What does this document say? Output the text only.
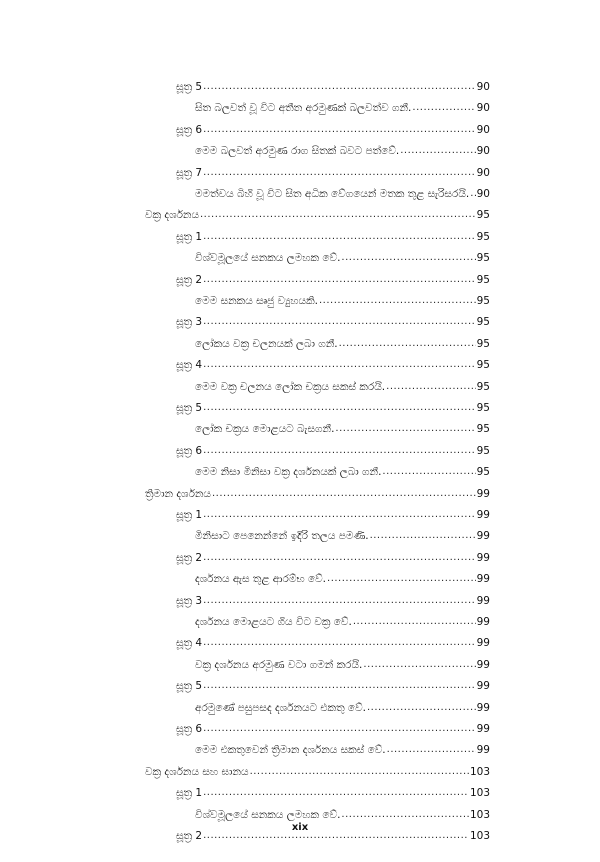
සූත්‍ර 5 .....	90
සිත බලවත් වූ විට අතීත අරමුණක් බලවත්ව ගනී. .....	90
සූත්‍ර 6 .....	90
මෙම බලවත් අරමුණ රාග සිතක් බවට පත්වේ. .....	90
සූත්‍ර 7 .....	90
මමත්වය බිහි වූ විට සිත අධික වේගයෙන් මතක තුළ සැරිසරයි. ..... 90
වක්‍ර දර්ශනය .....	95
සූත්‍ර 1 .....	95
විශ්වමූලයේ සනකය ලමහක වේ. .....	95
සූත්‍ර 2 .....	95
මෙම සනකය සෘජු ව්‍යුහයකි. .....	95
සූත්‍ර 3 .....	95
ලෝකය වක්‍ර චලනයක් ලබා ගනී. .....	95
සූත්‍ර 4 .....	95
මෙම වක්‍ර චලනය ලෝක චක්‍රය සකස් කරයි. .....	95
සූත්‍ර 5 .....	95
ලෝක චක්‍රය මොළයට බැසගනී. .....	95
සූත්‍ර 6 .....	95
මෙම නිසා මිනිසා වක්‍ර දර්ශනයක් ලබා ගනී. .....	95
ත්‍රිමාන දර්ශනය .....	99
සූත්‍ර 1 .....	99
මිනිසාට පෙනෙන්නේ ඉදිරි තලය පමණි. .....	99
සූත්‍ර 2 .....	99
දර්ශනය ඇස තුළ ආරම්භ වේ. .....	99
සූත්‍ර 3 .....	99
දර්ශනය මොළයට ගිය විට වක්‍ර වේ. .....	99
සූත්‍ර 4 .....	99
වක්‍ර දර්ශනය අරමුණ වටා ගමන් කරයි. .....	99
සූත්‍ර 5 .....	99
අරමුණේ පසුපසද දර්ශනයට එකතු වේ. .....	99
සූත්‍ර 6 .....	99
මෙම එකතුවෙන් ත්‍රිමාන දර්ශනය සකස් වේ. .....	99
වක්‍ර දර්ශනය සහ ඝානය .....	103
සූත්‍ර 1 .....	103
විශ්වමූලයේ සනකය ලමහක වේ. .....	103
සූත්‍ර 2 .....	103
xix
